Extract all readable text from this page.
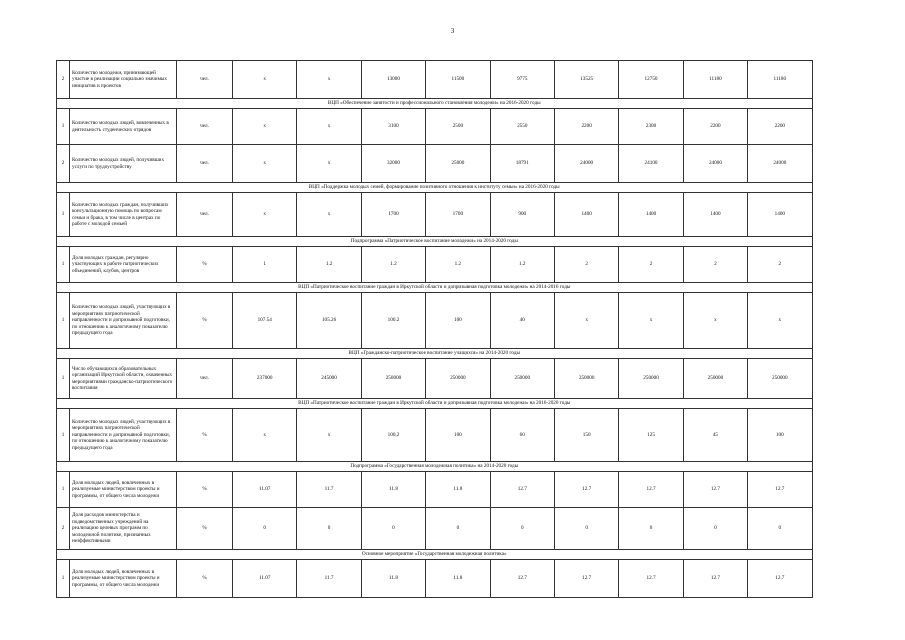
3
2	Количество молодежи, принимающей участие в реализации социально значимых инициатив и проектов	чел.	х	х	13000	11500	9775	13525	12750	11180	11180
ВЦП «Обеспечение занятости и профессионального становления молодежи» на 2016-2020 годы											
1	Количество молодых людей, вовлеченных в деятельность студенческих отрядов	чел.	х	х	3100	2500	2550	2200	2300	2200	2200
2	Количество молодых людей, получивших услуги по трудоустройству	чел.	х	х	32000	25000	18791	24000	24100	24000	24000
ВЦП «Поддержка молодых семей, формирование позитивного отношения к институту семьи» на 2016-2020 годы											
1	Количество молодых граждан, получивших консультационную помощь по вопросам семьи и брака, в том числе в центрах по работе с молодой семьей	чел.	х	х	1700	1700	900	1400	1400	1400	1400
Подпрограмма «Патриотическое воспитание молодежи» на 2014-2020 годы											
1	Доля молодых граждан, регулярно участвующих в работе патриотических объединений, клубов, центров	%	1	1.2	1.2	1.2	1.2	2	2	2	2
ВЦП «Патриотическое воспитание граждан в Иркутской области и допризывная подготовка молодежи» на 2014-2016 годы											
1	Количество молодых людей, участвующих в мероприятиях патриотической направленности и допризывной подготовки, по отношению к аналогичному показателю предыдущего года	%	107.54	105.26	100.2	100	40	х	х	х	х
ВЦП «Гражданско-патриотическое воспитание учащихся» на 2014-2020 годы											
1	Число обучающихся образовательных организаций Иркутской области, охваченных мероприятиями гражданско-патриотического воспитания	чел.	237000	245000	250000	250000	250000	250000	250000	250000	250000
ВЦП «Патриотическое воспитание граждан в Иркутской области и допризывная подготовка молодежи» на 2016-2020 годы											
1	Количество молодых людей, участвующих в мероприятиях патриотической направленности и допризывной подготовки, по отношению к аналогичному показателю предыдущего года	%	х	х	100,2	100	60	150	125	45	100
Подпрограмма «Государственная молодежная политика» на 2014-2020 годы											
1	Доля молодых людей, вовлеченных в реализуемые министерством проекты и программы, от общего числа молодежи	%	11.07	11.7	11.8	11.8	12.7	12.7	12.7	12.7	12.7
2	Доля расходов министерства и подведомственных учреждений на реализацию целевых программ по молодежной политике, признанных неэффективными	%	0	0	0	0	0	0	0	0	0
Основное мероприятие «Государственная молодежная политика»											
1	Доля молодых людей, вовлеченных в реализуемые министерством проекты и программы, от общего числа молодежи	%	11.07	11.7	11.8	11.8	12.7	12.7	12.7	12.7	12.7
